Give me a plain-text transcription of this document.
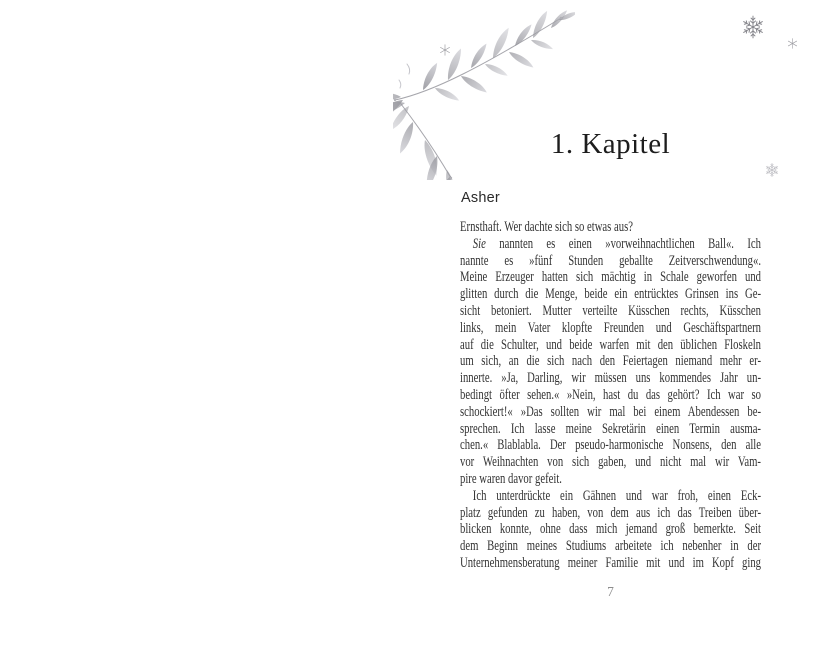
1. Kapitel
Asher
Ernsthaft. Wer dachte sich so etwas aus?
Sie nannten es einen »vorweihnachtlichen Ball«. Ich
nannte es »fünf Stunden geballte Zeitverschwendung«.
Meine Erzeuger hatten sich mächtig in Schale geworfen und
glitten durch die Menge, beide ein entrücktes Grinsen ins Ge-
sicht betoniert. Mutter verteilte Küsschen rechts, Küsschen
links, mein Vater klopfte Freunden und Geschäftspartnern
auf die Schulter, und beide warfen mit den üblichen Floskeln
um sich, an die sich nach den Feiertagen niemand mehr er-
innerte. »Ja, Darling, wir müssen uns kommendes Jahr un-
bedingt öfter sehen.« »Nein, hast du das gehört? Ich war so
schockiert!« »Das sollten wir mal bei einem Abendessen be-
sprechen. Ich lasse meine Sekretärin einen Termin ausma-
chen.« Blablabla. Der pseudo-harmonische Nonsens, den alle
vor Weihnachten von sich gaben, und nicht mal wir Vam-
pire waren davor gefeit.
Ich unterdrückte ein Gähnen und war froh, einen Eck-
platz gefunden zu haben, von dem aus ich das Treiben über-
blicken konnte, ohne dass mich jemand groß bemerkte. Seit
dem Beginn meines Studiums arbeitete ich nebenher in der
Unternehmensberatung meiner Familie mit und im Kopf ging
7
